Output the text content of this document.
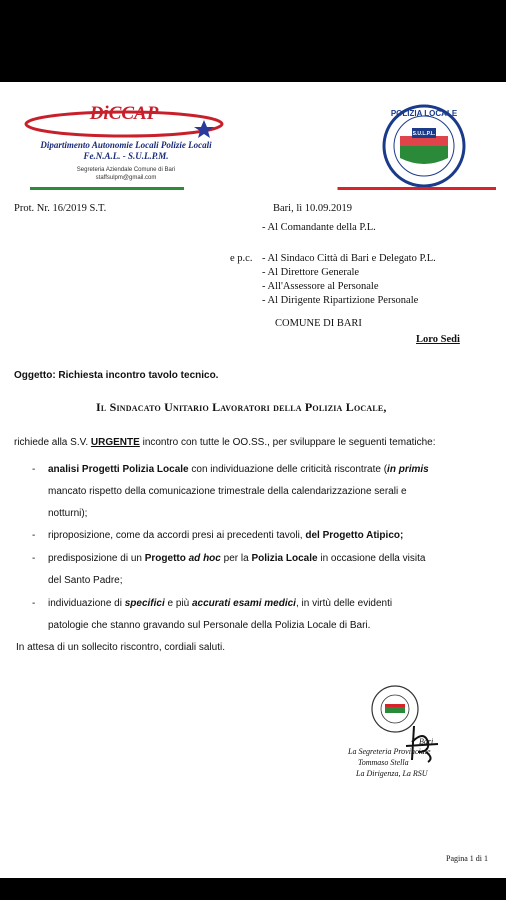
DiCCAP
Dipartimento Autonomie Locali Polizie Locali
Fe.N.A.L. - S.U.L.P.M.
Segreteria Aziendale Comune di Bari
staffsulpm@gmail.com
S.U.L.P.L.
POLIZIA LOCALE
Prot. Nr. 16/2019 S.T.	Bari, lì 10.09.2019
- Al Comandante della P.L.
e p.c. - Al Sindaco Città di Bari e Delegato P.L.
- Al Direttore Generale
- All'Assessore al Personale
- Al Dirigente Ripartizione Personale
COMUNE DI BARI
Loro Sedi
Oggetto: Richiesta incontro tavolo tecnico.
Il Sindacato Unitario Lavoratori della Polizia Locale,
richiede alla S.V. URGENTE incontro con tutte le OO.SS., per sviluppare le seguenti tematiche:
- analisi Progetti Polizia Locale con individuazione delle criticità riscontrate (in primis
mancato rispetto della comunicazione trimestrale della calendarizzazione serali e
notturni);
- riproposizione, come da accordi presi ai precedenti tavoli, del Progetto Atipico;
- predisposizione di un Progetto ad hoc per la Polizia Locale in occasione della visita
del Santo Padre;
- individuazione di specifici e più accurati esami medici, in virtù delle evidenti
patologie che stanno gravando sul Personale della Polizia Locale di Bari.
In attesa di un sollecito riscontro, cordiali saluti.
Bari
La Segreteria Provinciale
Tommaso Stella
La Dirigenza, La RSU
Pagina 1 di 1
